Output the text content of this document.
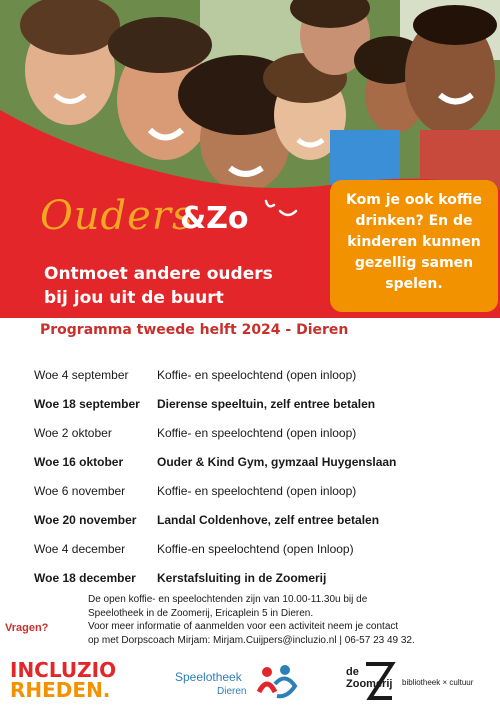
Ouders
&Zo
Ontmoet andere ouders
bij jou uit de buurt
Kom je ook koffie drinken? En de kinderen kunnen gezellig samen spelen.
Programma tweede helft 2024 - Dieren
Woe 4 september	Koffie- en speelochtend (open inloop)
Woe 18 september	Dierense speeltuin, zelf entree betalen
Woe 2 oktober	Koffie- en speelochtend (open inloop)
Woe 16 oktober	Ouder & Kind Gym, gymzaal Huygenslaan
Woe 6 november	Koffie- en speelochtend (open inloop)
Woe 20 november	Landal Coldenhove, zelf entree betalen
Woe 4 december	Koffie-en speelochtend (open Inloop)
Woe 18 december	Kerstafsluiting in de Zoomerij
Vragen?
De open koffie- en speelochtenden zijn van 10.00-11.30u bij de
Speelotheek in de Zoomerij, Ericaplein 5 in Dieren.
Voor meer informatie of aanmelden voor een activiteit neem je contact
op met Dorpscoach Mirjam: Mirjam.Cuijpers@incluzio.nl | 06-57 23 49 32.
INCLUZIO
RHEDEN.
Speelotheek
Dieren
de
Zoomerij bibliotheek × cultuur
